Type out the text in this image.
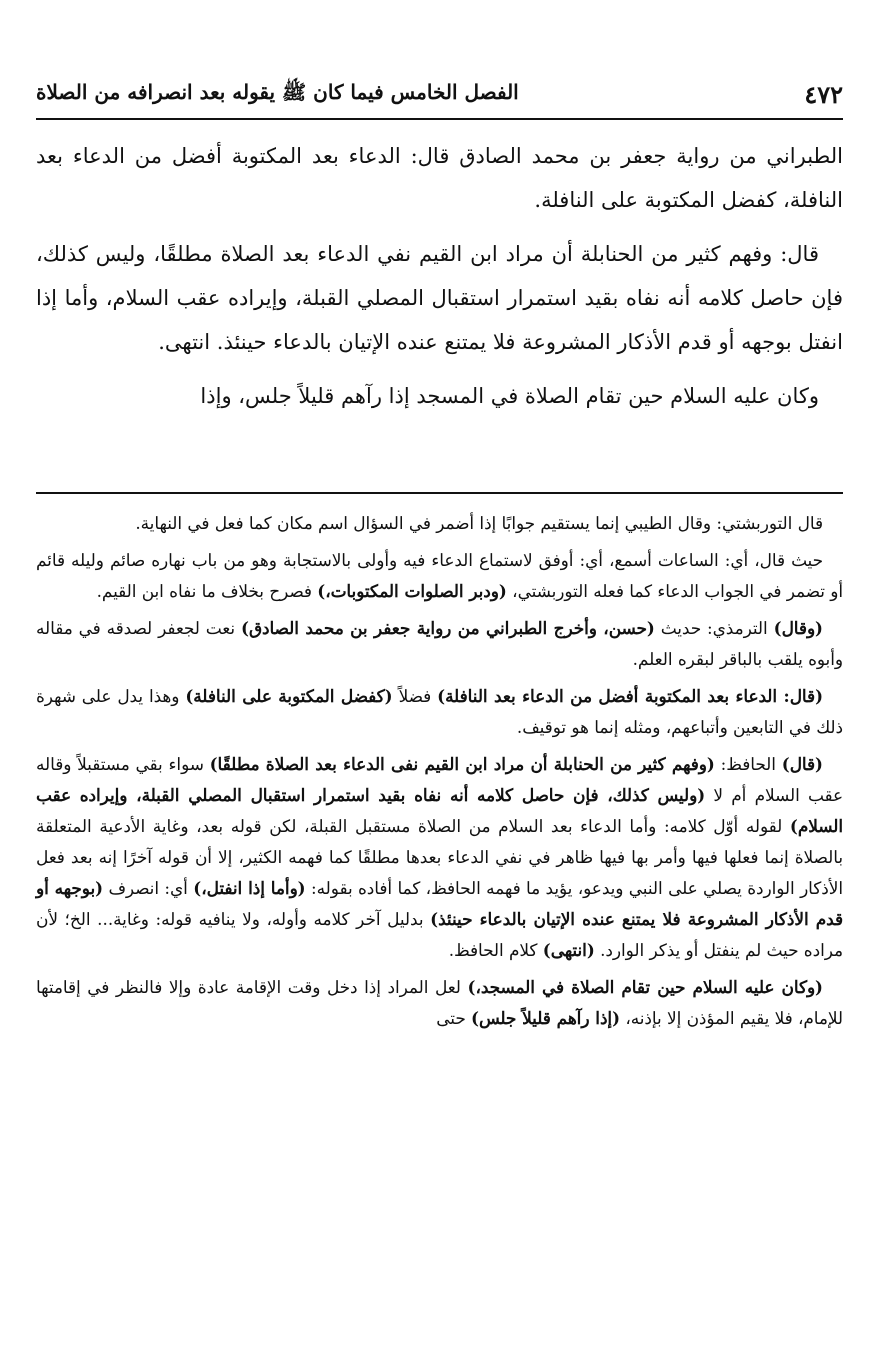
٤٧٢
الفصل الخامس فيما كان ﷺ يقوله بعد انصرافه من الصلاة

الطبراني من رواية جعفر بن محمد الصادق قال: الدعاء بعد المكتوبة أفضل من الدعاء بعد النافلة، كفضل المكتوبة على النافلة.

قال: وفهم كثير من الحنابلة أن مراد ابن القيم نفي الدعاء بعد الصلاة مطلقًا، وليس كذلك، فإن حاصل كلامه أنه نفاه بقيد استمرار استقبال المصلي القبلة، وإيراده عقب السلام، وأما إذا انفتل بوجهه أو قدم الأذكار المشروعة فلا يمتنع عنده الإتيان بالدعاء حينئذ. انتهى.

وكان عليه السلام حين تقام الصلاة في المسجد إذا رآهم قليلاً جلس، وإذا

قال التوربشتي: وقال الطيبي إنما يستقيم جوابًا إذا أضمر في السؤال اسم مكان كما فعل في النهاية.

حيث قال، أي: الساعات أسمع، أي: أوفق لاستماع الدعاء فيه وأولى بالاستجابة وهو من باب نهاره صائم وليله قائم أو تضمر في الجواب الدعاء كما فعله التوربشتي، (ودبر الصلوات المكتوبات،) فصرح بخلاف ما نفاه ابن القيم.

(وقال) الترمذي: حديث (حسن، وأخرج الطبراني من رواية جعفر بن محمد الصادق) نعت لجعفر لصدقه في مقاله وأبوه يلقب بالباقر لبقره العلم.

(قال: الدعاء بعد المكتوبة أفضل من الدعاء بعد النافلة) فضلاً (كفضل المكتوبة على النافلة) وهذا يدل على شهرة ذلك في التابعين وأتباعهم، ومثله إنما هو توقيف.

(قال) الحافظ: (وفهم كثير من الحنابلة أن مراد ابن القيم نفى الدعاء بعد الصلاة مطلقًا) سواء بقي مستقبلاً وقاله عقب السلام أم لا (وليس كذلك، فإن حاصل كلامه أنه نفاه بقيد استمرار استقبال المصلي القبلة، وإيراده عقب السلام) لقوله أوّل كلامه: وأما الدعاء بعد السلام من الصلاة مستقبل القبلة، لكن قوله بعد، وغاية الأدعية المتعلقة بالصلاة إنما فعلها فيها وأمر بها فيها ظاهر في نفي الدعاء بعدها مطلقًا كما فهمه الكثير، إلا أن قوله آخرًا إنه بعد فعل الأذكار الواردة يصلي على النبي ويدعو، يؤيد ما فهمه الحافظ، كما أفاده بقوله: (وأما إذا انفتل،) أي: انصرف (بوجهه أو قدم الأذكار المشروعة فلا يمتنع عنده الإتيان بالدعاء حينئذ) بدليل آخر كلامه وأوله، ولا ينافيه قوله: وغاية... الخ؛ لأن مراده حيث لم ينفتل أو يذكر الوارد. (انتهى) كلام الحافظ.

(وكان عليه السلام حين تقام الصلاة في المسجد،) لعل المراد إذا دخل وقت الإقامة عادة وإلا فالنظر في إقامتها للإمام، فلا يقيم المؤذن إلا بإذنه، (إذا رآهم قليلاً جلس) حتى
